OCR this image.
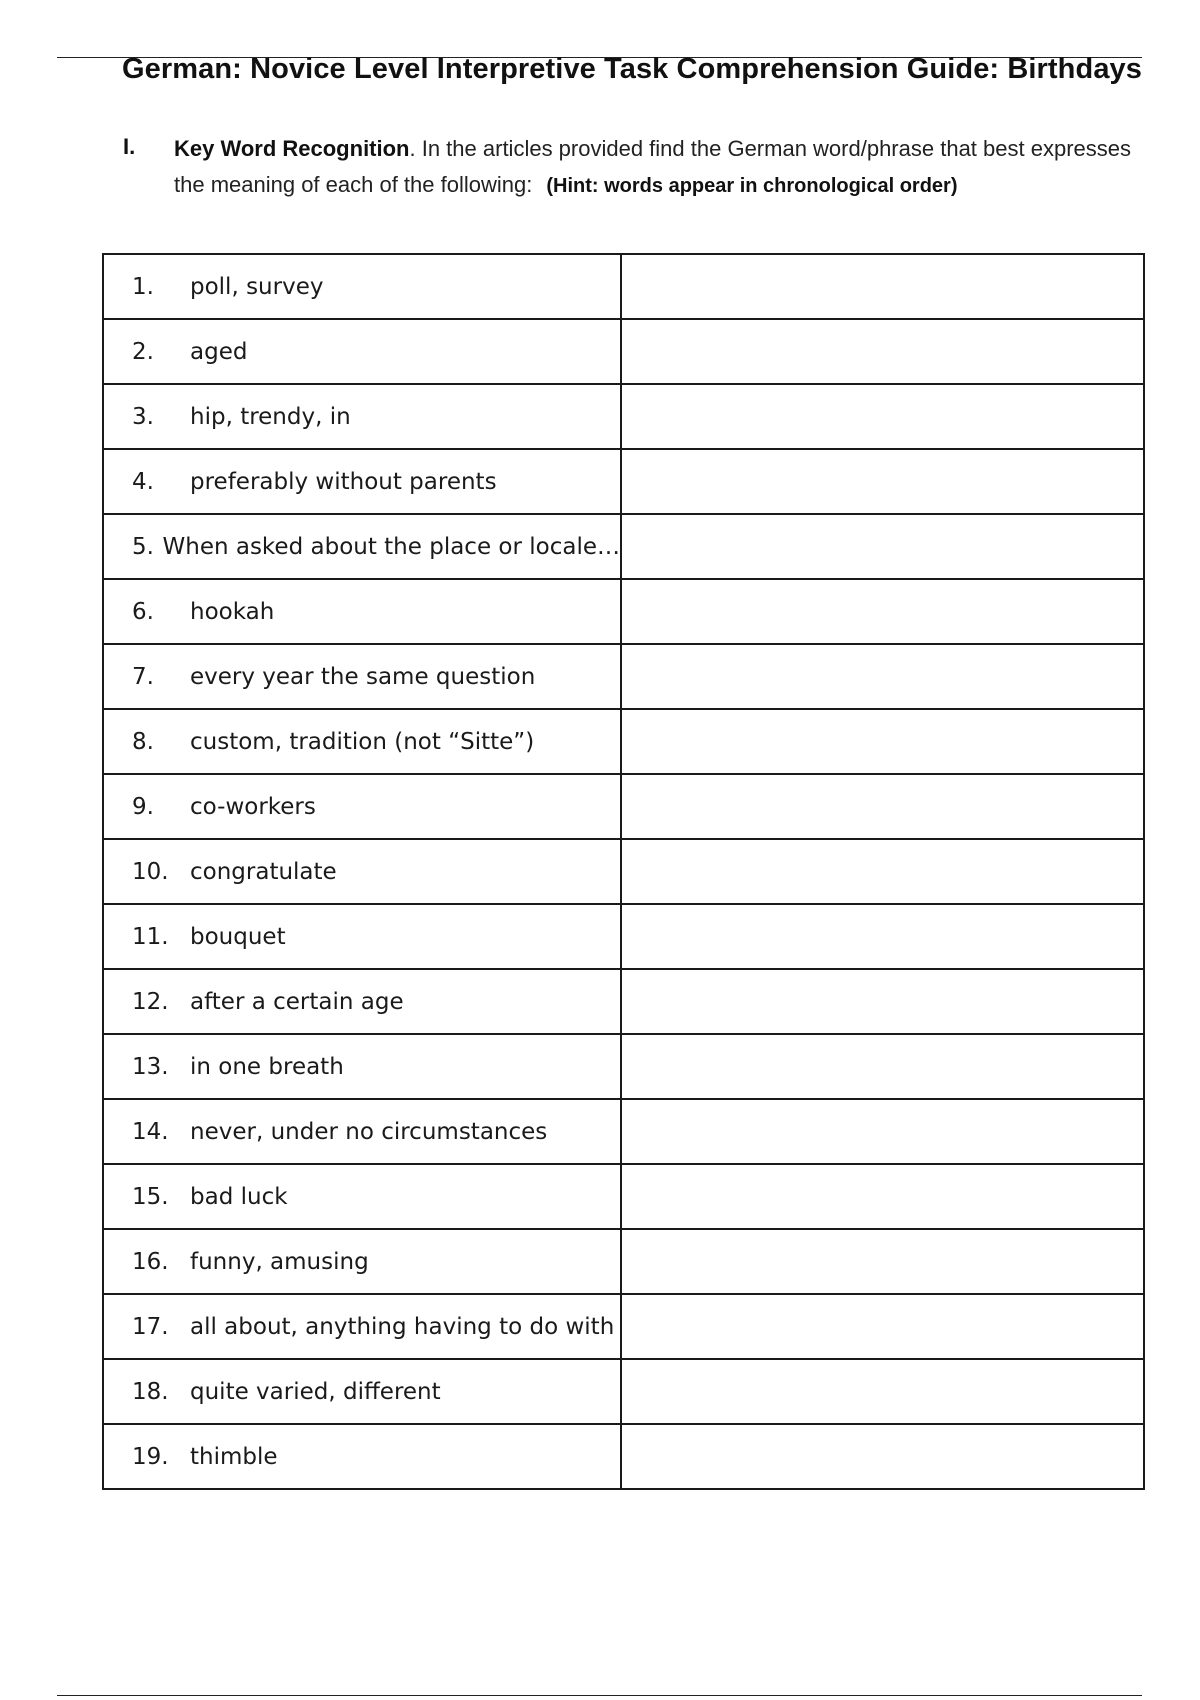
German: Novice Level Interpretive Task Comprehension Guide: Birthdays
I. Key Word Recognition. In the articles provided find the German word/phrase that best expresses the meaning of each of the following: (Hint: words appear in chronological order)
1. poll, survey	

2. aged	

3. hip, trendy, in	

4. preferably without parents	

5. When asked about the place or locale…	

6. hookah	

7. every year the same question	

8. custom, tradition (not “Sitte”)	

9. co-workers	

10. congratulate	

11. bouquet	

12. after a certain age	

13. in one breath	

14. never, under no circumstances	

15. bad luck	

16. funny, amusing	

17. all about, anything having to do with	

18. quite varied, different	

19. thimble	
